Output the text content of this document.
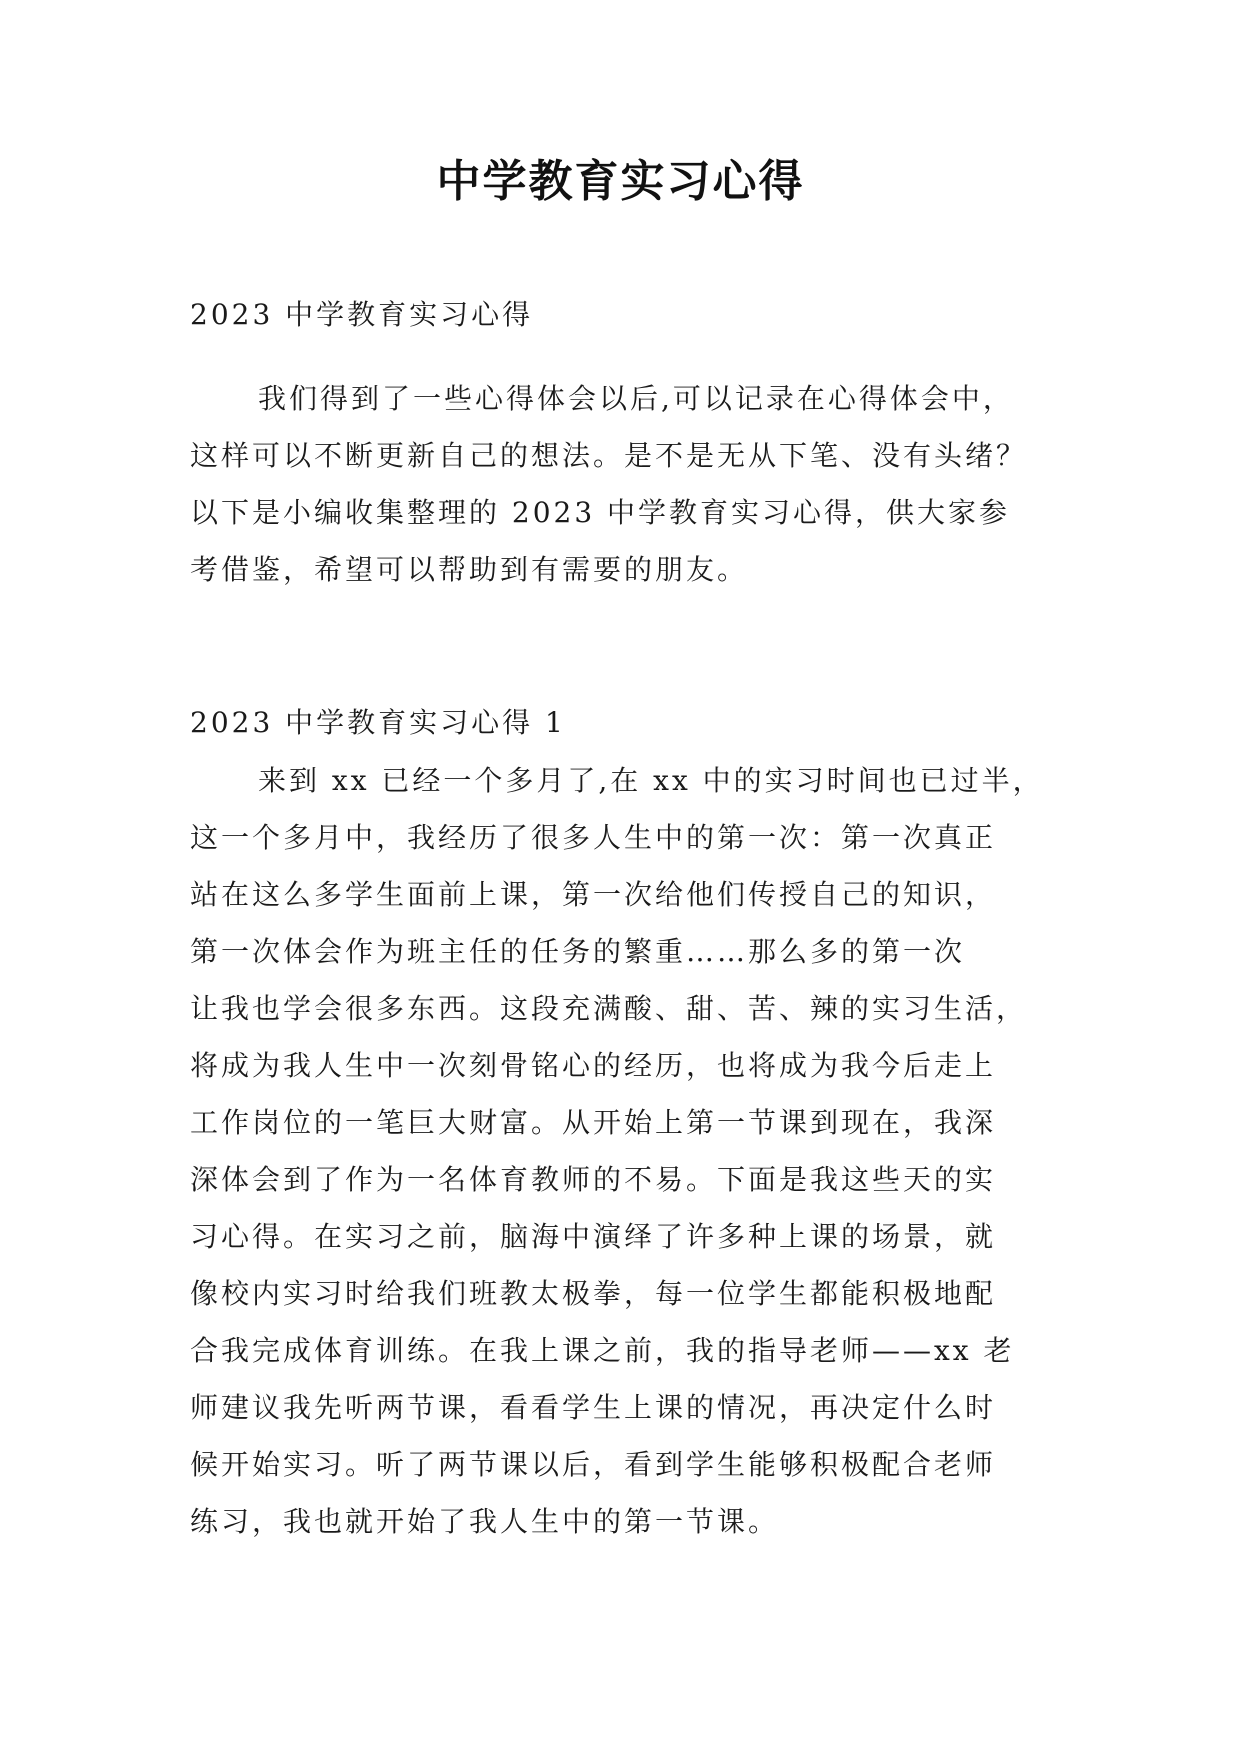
中学教育实习心得
2023 中学教育实习心得
我们得到了一些心得体会以后,可以记录在心得体会中，
这样可以不断更新自己的想法。是不是无从下笔、没有头绪？
以下是小编收集整理的 2023 中学教育实习心得，供大家参
考借鉴，希望可以帮助到有需要的朋友。
2023 中学教育实习心得 1
来到 xx 已经一个多月了,在 xx 中的实习时间也已过半，
这一个多月中，我经历了很多人生中的第一次：第一次真正
站在这么多学生面前上课，第一次给他们传授自己的知识，
第一次体会作为班主任的任务的繁重……那么多的第一次
让我也学会很多东西。这段充满酸、甜、苦、辣的实习生活，
将成为我人生中一次刻骨铭心的经历，也将成为我今后走上
工作岗位的一笔巨大财富。从开始上第一节课到现在，我深
深体会到了作为一名体育教师的不易。下面是我这些天的实
习心得。在实习之前，脑海中演绎了许多种上课的场景，就
像校内实习时给我们班教太极拳，每一位学生都能积极地配
合我完成体育训练。在我上课之前，我的指导老师——xx 老
师建议我先听两节课，看看学生上课的情况，再决定什么时
候开始实习。听了两节课以后，看到学生能够积极配合老师
练习，我也就开始了我人生中的第一节课。
